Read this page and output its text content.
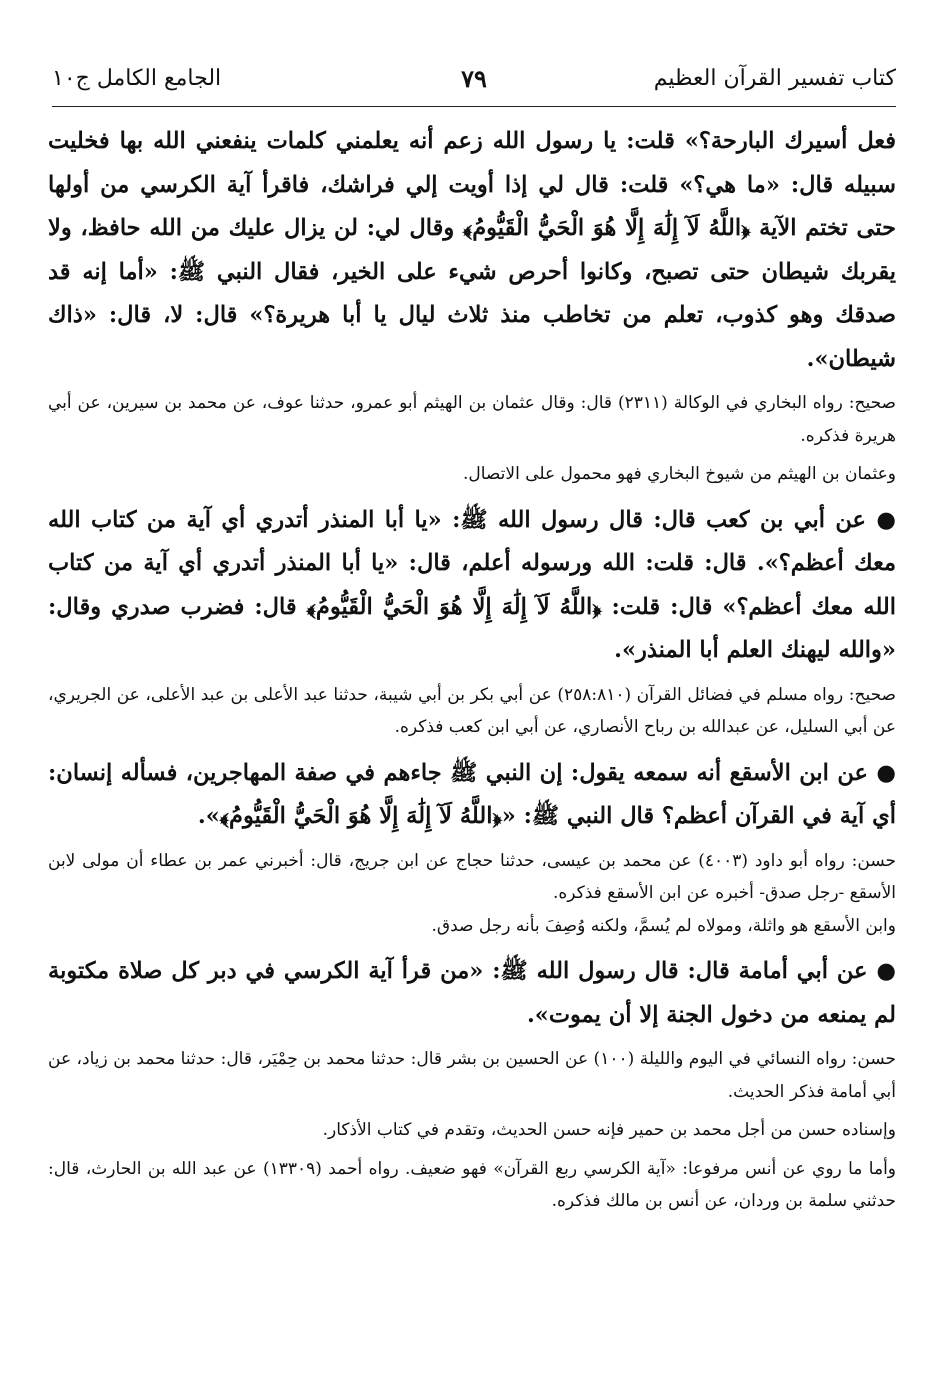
كتاب تفسير القرآن العظيم
٧٩
الجامع الكامل ج١٠

فعل أسيرك البارحة؟» قلت: يا رسول الله زعم أنه يعلمني كلمات ينفعني الله بها فخليت سبيله قال: «ما هي؟» قلت: قال لي إذا أويت إلي فراشك، فاقرأ آية الكرسي من أولها حتى تختم الآية ﴿اللَّهُ لَآ إِلَٰهَ إِلَّا هُوَ الْحَيُّ الْقَيُّومُ﴾ وقال لي: لن يزال عليك من الله حافظ، ولا يقربك شيطان حتى تصبح، وكانوا أحرص شيء على الخير، فقال النبي ﷺ: «أما إنه قد صدقك وهو كذوب، تعلم من تخاطب منذ ثلاث ليال يا أبا هريرة؟» قال: لا، قال: «ذاك شيطان».

صحيح: رواه البخاري في الوكالة (٢٣١١) قال: وقال عثمان بن الهيثم أبو عمرو، حدثنا عوف، عن محمد بن سيرين، عن أبي هريرة فذكره.

وعثمان بن الهيثم من شيوخ البخاري فهو محمول على الاتصال.

● عن أبي بن كعب قال: قال رسول الله ﷺ: «يا أبا المنذر أتدري أي آية من كتاب الله معك أعظم؟». قال: قلت: الله ورسوله أعلم، قال: «يا أبا المنذر أتدري أي آية من كتاب الله معك أعظم؟» قال: قلت: ﴿اللَّهُ لَآ إِلَٰهَ إِلَّا هُوَ الْحَيُّ الْقَيُّومُ﴾ قال: فضرب صدري وقال: «والله ليهنك العلم أبا المنذر».

صحيح: رواه مسلم في فضائل القرآن (٢٥٨:٨١٠) عن أبي بكر بن أبي شيبة، حدثنا عبد الأعلى بن عبد الأعلى، عن الجريري، عن أبي السليل، عن عبدالله بن رباح الأنصاري، عن أبي ابن كعب فذكره.

● عن ابن الأسقع أنه سمعه يقول: إن النبي ﷺ جاءهم في صفة المهاجرين، فسأله إنسان: أي آية في القرآن أعظم؟ قال النبي ﷺ: «﴿اللَّهُ لَآ إِلَٰهَ إِلَّا هُوَ الْحَيُّ الْقَيُّومُ﴾».

حسن: رواه أبو داود (٤٠٠٣) عن محمد بن عيسى، حدثنا حجاج عن ابن جريج، قال: أخبرني عمر بن عطاء أن مولى لابن الأسقع -رجل صدق- أخبره عن ابن الأسقع فذكره.

وابن الأسقع هو واثلة، ومولاه لم يُسمَّ، ولكنه وُصِفَ بأنه رجل صدق.

● عن أبي أمامة قال: قال رسول الله ﷺ: «من قرأ آية الكرسي في دبر كل صلاة مكتوبة لم يمنعه من دخول الجنة إلا أن يموت».

حسن: رواه النسائي في اليوم والليلة (١٠٠) عن الحسين بن بشر قال: حدثنا محمد بن حِمْيَر، قال: حدثنا محمد بن زياد، عن أبي أمامة فذكر الحديث.

وإسناده حسن من أجل محمد بن حمير فإنه حسن الحديث، وتقدم في كتاب الأذكار.

وأما ما روي عن أنس مرفوعا: «آية الكرسي ربع القرآن» فهو ضعيف. رواه أحمد (١٣٣٠٩) عن عبد الله بن الحارث، قال: حدثني سلمة بن وردان، عن أنس بن مالك فذكره.
